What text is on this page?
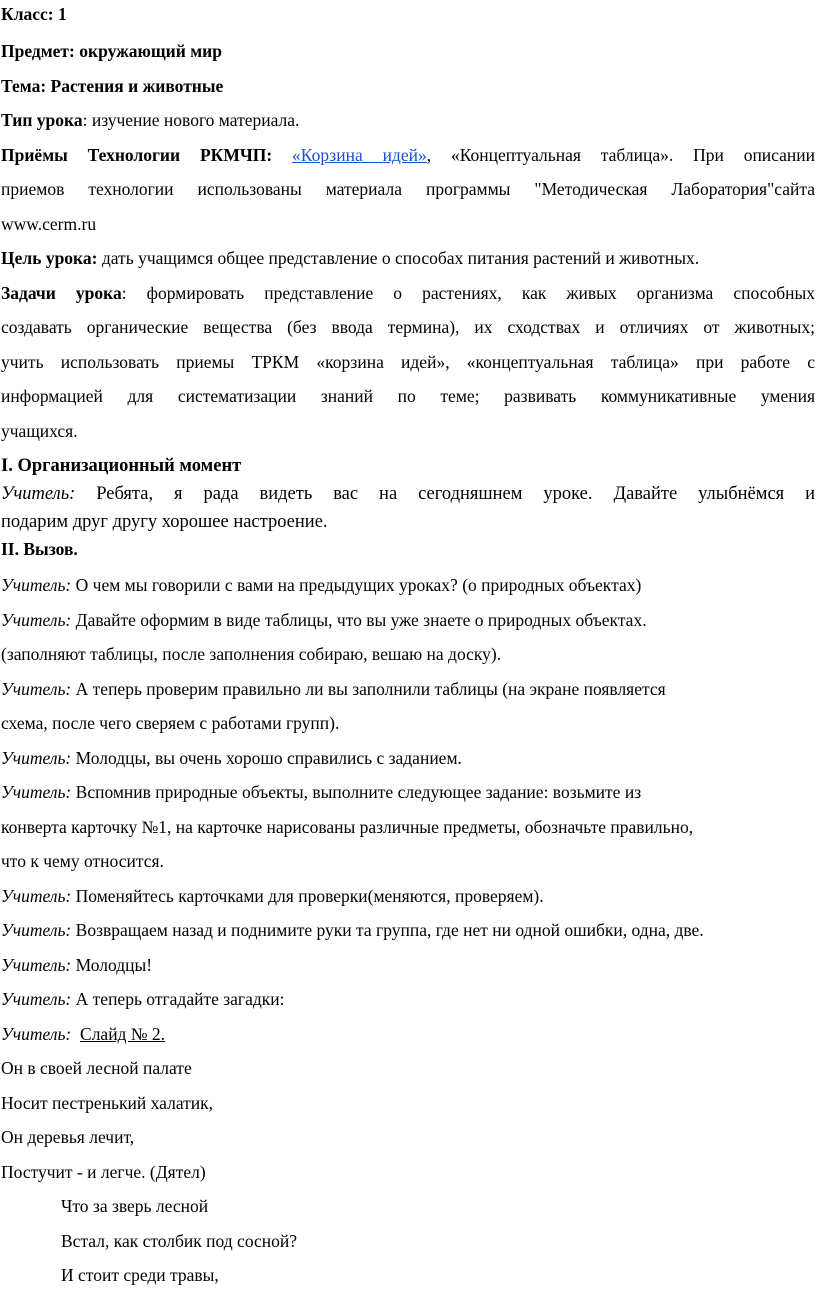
Класс: 1

Предмет: окружающий мир

Тема: Растения и животные

Тип урока: изучение нового материала.

Приёмы Технологии РКМЧП: «Корзина идей», «Концептуальная таблица». При описании

приемов технологии использованы материала программы "Методическая Лаборатория"сайта

www.cerm.ru

Цель урока: дать учащимся общее представление о способах питания растений и животных.

Задачи урока: формировать представление о растениях, как живых организма способных

создавать органические вещества (без ввода термина), их сходствах и отличиях от животных;

учить использовать приемы ТРКМ «корзина идей», «концептуальная таблица» при работе с

информацией для систематизации знаний по теме; развивать коммуникативные умения

учащихся.

I. Организационный момент

Учитель: Ребята, я рада видеть вас на сегодняшнем уроке. Давайте улыбнёмся и

подарим друг другу хорошее настроение.

II. Вызов.

Учитель: О чем мы говорили с вами на предыдущих уроках? (о природных объектах)

Учитель: Давайте оформим в виде таблицы, что вы уже знаете о природных объектах.

(заполняют таблицы, после заполнения собираю, вешаю на доску).

Учитель: А теперь проверим правильно ли вы заполнили таблицы (на экране появляется

схема, после чего сверяем с работами групп).

Учитель: Молодцы, вы очень хорошо справились с заданием.

Учитель: Вспомнив природные объекты, выполните следующее задание: возьмите из

конверта карточку №1, на карточке нарисованы различные предметы, обозначьте правильно,

что к чему относится.

Учитель: Поменяйтесь карточками для проверки(меняются, проверяем).

Учитель: Возвращаем назад и поднимите руки та группа, где нет ни одной ошибки, одна, две.

Учитель: Молодцы!

Учитель: А теперь отгадайте загадки:

Учитель: Слайд № 2.

Он в своей лесной палате

Носит пестренький халатик,

Он деревья лечит,

Постучит - и легче. (Дятел)

Что за зверь лесной

Встал, как столбик под сосной?

И стоит среди травы,
